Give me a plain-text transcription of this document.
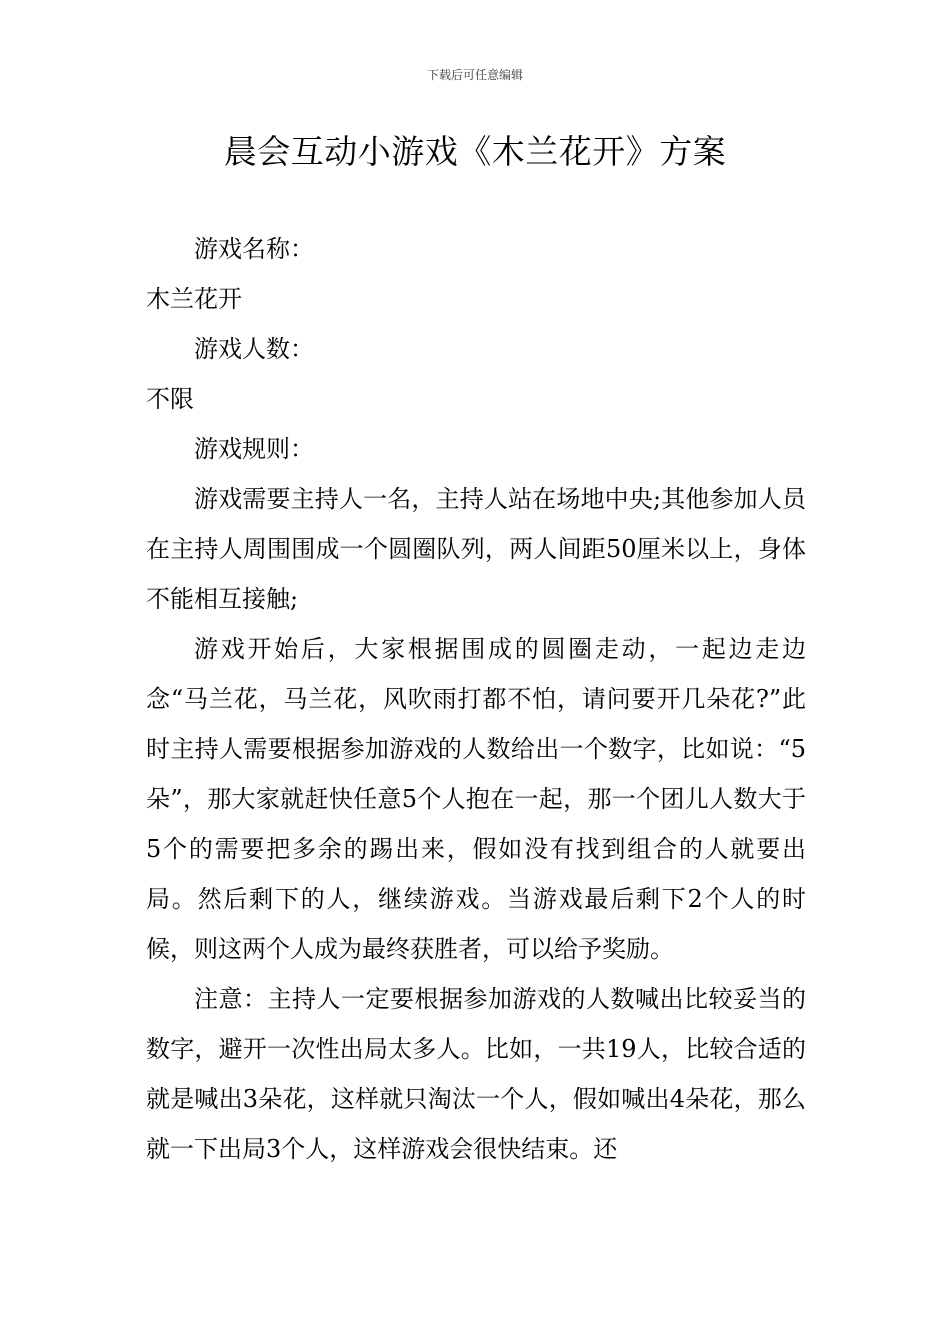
下载后可任意编辑
晨会互动小游戏《木兰花开》方案

游戏名称：

木兰花开

游戏人数：

不限

游戏规则：

游戏需要主持人一名，主持人站在场地中央;其他参加人员在主持人周围围成一个圆圈队列，两人间距50厘米以上，身体不能相互接触;

游戏开始后，大家根据围成的圆圈走动，一起边走边念“马兰花，马兰花，风吹雨打都不怕，请问要开几朵花?”此时主持人需要根据参加游戏的人数给出一个数字，比如说：“5朵”，那大家就赶快任意5个人抱在一起，那一个团儿人数大于5个的需要把多余的踢出来，假如没有找到组合的人就要出局。然后剩下的人，继续游戏。当游戏最后剩下2个人的时候，则这两个人成为最终获胜者，可以给予奖励。

注意：主持人一定要根据参加游戏的人数喊出比较妥当的数字，避开一次性出局太多人。比如，一共19人，比较合适的就是喊出3朵花，这样就只淘汰一个人，假如喊出4朵花，那么就一下出局3个人，这样游戏会很快结束。还
